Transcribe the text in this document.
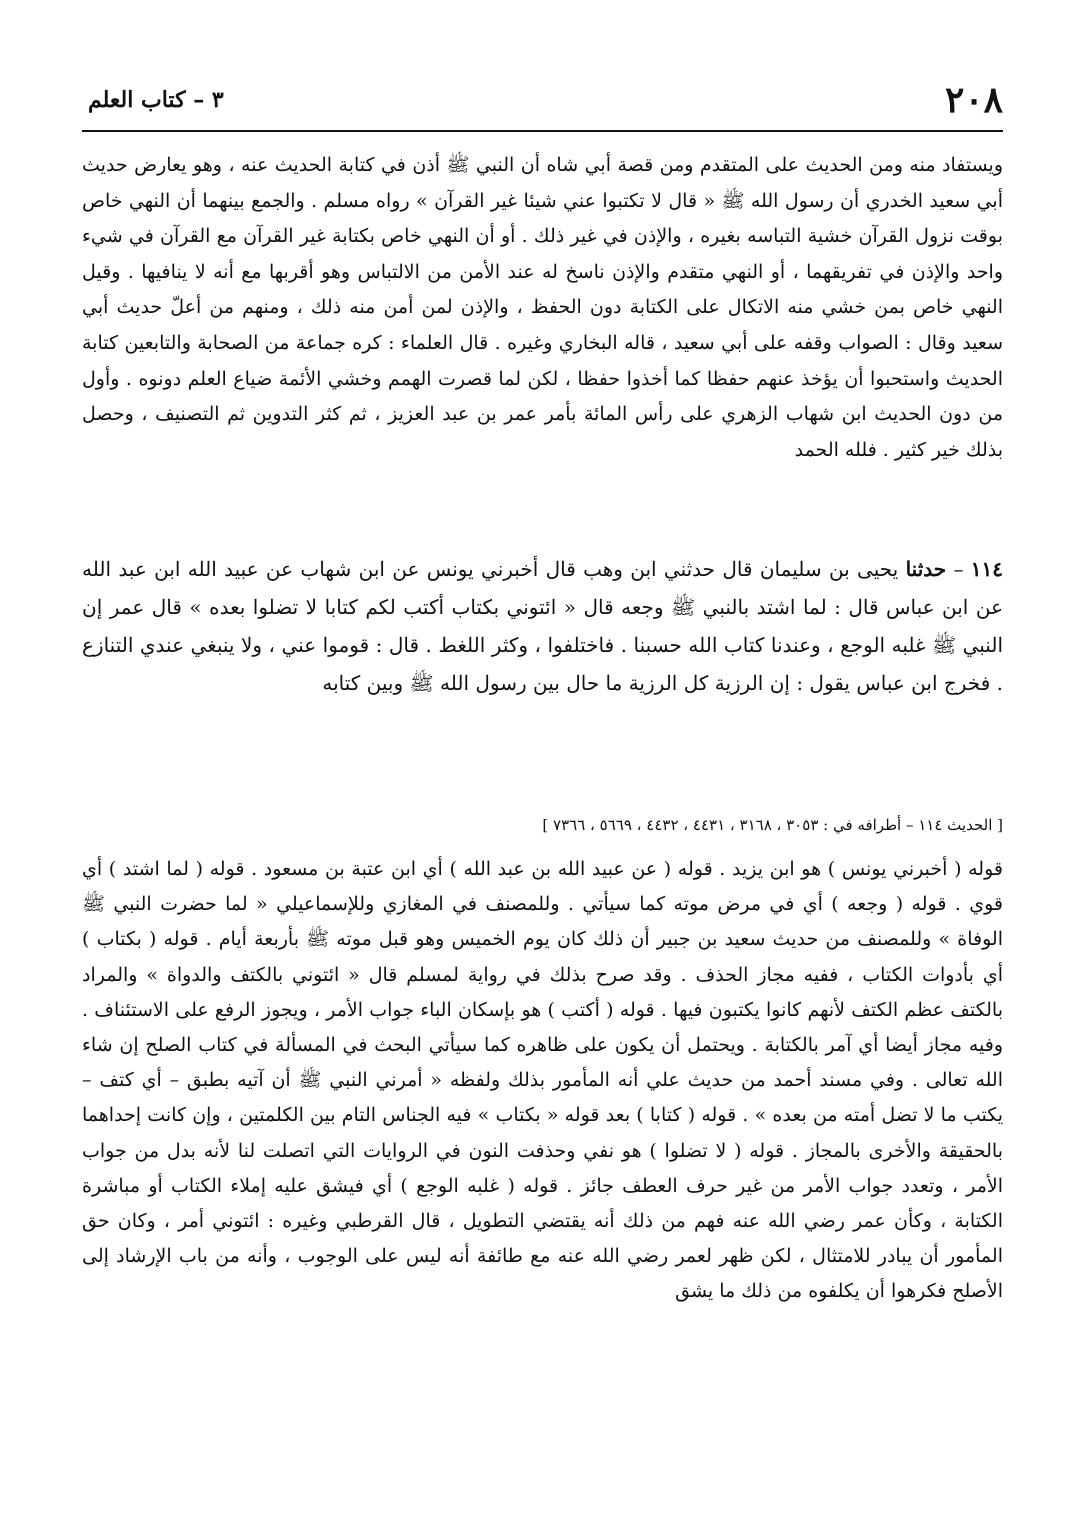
٢٠٨
٣ – كتاب العلم

ويستفاد منه ومن الحديث على المتقدم ومن قصة أبي شاه أن النبي ﷺ أذن في كتابة الحديث عنه ، وهو يعارض حديث أبي سعيد الخدري أن رسول الله ﷺ « قال لا تكتبوا عني شيئا غير القرآن » رواه مسلم . والجمع بينهما أن النهي خاص بوقت نزول القرآن خشية التباسه بغيره ، والإذن في غير ذلك . أو أن النهي خاص بكتابة غير القرآن مع القرآن في شيء واحد والإذن في تفريقهما ، أو النهي متقدم والإذن ناسخ له عند الأمن من الالتباس وهو أقربها مع أنه لا ينافيها . وقيل النهي خاص بمن خشي منه الاتكال على الكتابة دون الحفظ ، والإذن لمن أمن منه ذلك ، ومنهم من أعلّ حديث أبي سعيد وقال : الصواب وقفه على أبي سعيد ، قاله البخاري وغيره . قال العلماء : كره جماعة من الصحابة والتابعين كتابة الحديث واستحبوا أن يؤخذ عنهم حفظا كما أخذوا حفظا ، لكن لما قصرت الهمم وخشي الأئمة ضياع العلم دونوه . وأول من دون الحديث ابن شهاب الزهري على رأس المائة بأمر عمر بن عبد العزيز ، ثم كثر التدوين ثم التصنيف ، وحصل بذلك خير كثير . فلله الحمد

١١٤ – حدثنا يحيى بن سليمان قال حدثني ابن وهب قال أخبرني يونس عن ابن شهاب عن عبيد الله ابن عبد الله عن ابن عباس قال : لما اشتد بالنبي ﷺ وجعه قال « ائتوني بكتاب أكتب لكم كتابا لا تضلوا بعده » قال عمر إن النبي ﷺ غلبه الوجع ، وعندنا كتاب الله حسبنا . فاختلفوا ، وكثر اللغط . قال : قوموا عني ، ولا ينبغي عندي التنازع . فخرج ابن عباس يقول : إن الرزية كل الرزية ما حال بين رسول الله ﷺ وبين كتابه

[ الحديث ١١٤ – أطرافه في : ٣٠٥٣ ، ٣١٦٨ ، ٤٤٣١ ، ٤٤٣٢ ، ٥٦٦٩ ، ٧٣٦٦ ]

قوله ( أخبرني يونس ) هو ابن يزيد . قوله ( عن عبيد الله بن عبد الله ) أي ابن عتبة بن مسعود . قوله ( لما اشتد ) أي قوي . قوله ( وجعه ) أي في مرض موته كما سيأتي . وللمصنف في المغازي وللإسماعيلي « لما حضرت النبي ﷺ الوفاة » وللمصنف من حديث سعيد بن جبير أن ذلك كان يوم الخميس وهو قبل موته ﷺ بأربعة أيام . قوله ( بكتاب ) أي بأدوات الكتاب ، ففيه مجاز الحذف . وقد صرح بذلك في رواية لمسلم قال « ائتوني بالكتف والدواة » والمراد بالكتف عظم الكتف لأنهم كانوا يكتبون فيها . قوله ( أكتب ) هو بإسكان الباء جواب الأمر ، ويجوز الرفع على الاستئناف . وفيه مجاز أيضا أي آمر بالكتابة . ويحتمل أن يكون على ظاهره كما سيأتي البحث في المسألة في كتاب الصلح إن شاء الله تعالى . وفي مسند أحمد من حديث علي أنه المأمور بذلك ولفظه « أمرني النبي ﷺ أن آتيه بطبق – أي كتف – يكتب ما لا تضل أمته من بعده » . قوله ( كتابا ) بعد قوله « بكتاب » فيه الجناس التام بين الكلمتين ، وإن كانت إحداهما بالحقيقة والأخرى بالمجاز . قوله ( لا تضلوا ) هو نفي وحذفت النون في الروايات التي اتصلت لنا لأنه بدل من جواب الأمر ، وتعدد جواب الأمر من غير حرف العطف جائز . قوله ( غلبه الوجع ) أي فيشق عليه إملاء الكتاب أو مباشرة الكتابة ، وكأن عمر رضي الله عنه فهم من ذلك أنه يقتضي التطويل ، قال القرطبي وغيره : ائتوني أمر ، وكان حق المأمور أن يبادر للامتثال ، لكن ظهر لعمر رضي الله عنه مع طائفة أنه ليس على الوجوب ، وأنه من باب الإرشاد إلى الأصلح فكرهوا أن يكلفوه من ذلك ما يشق
